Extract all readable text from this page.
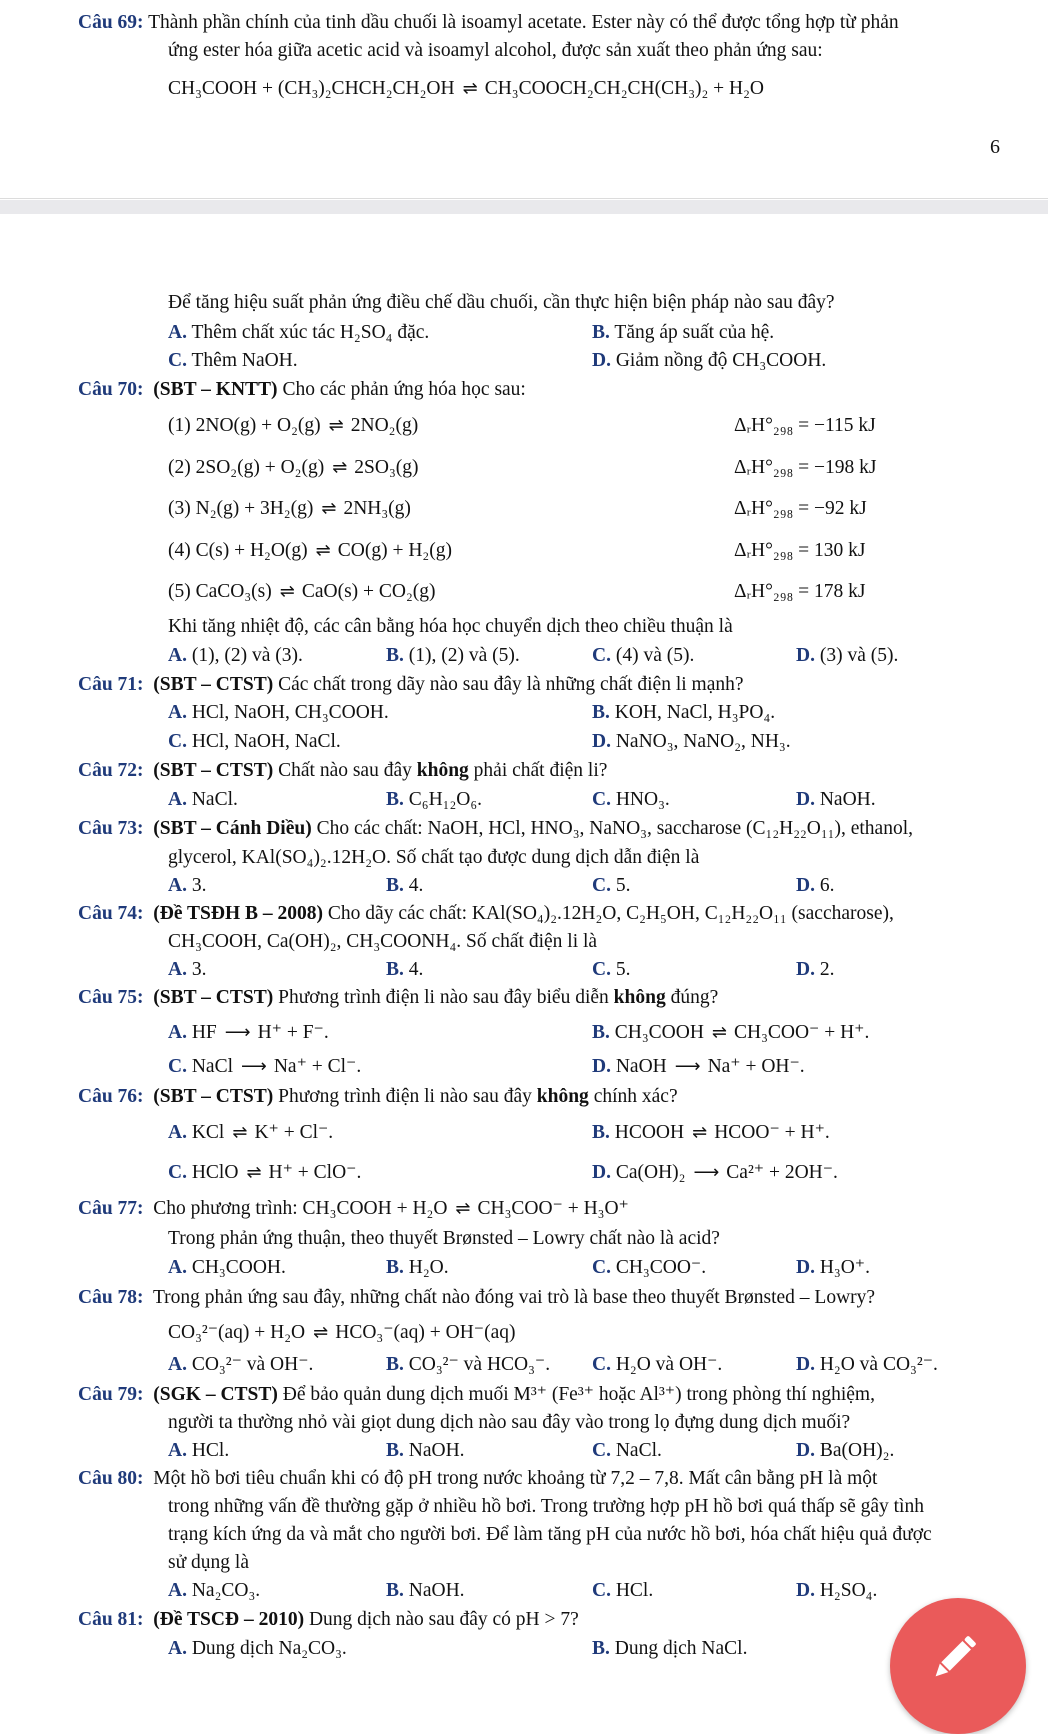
Câu 69: Thành phần chính của tinh dầu chuối là isoamyl acetate. Ester này có thể được tổng hợp từ phản
ứng ester hóa giữa acetic acid và isoamyl alcohol, được sản xuất theo phản ứng sau:
CH₃COOH + (CH₃)₂CHCH₂CH₂OH ⇌ CH₃COOCH₂CH₂CH(CH₃)₂ + H₂O
6
Để tăng hiệu suất phản ứng điều chế dầu chuối, cần thực hiện biện pháp nào sau đây?
A. Thêm chất xúc tác H₂SO₄ đặc.	B. Tăng áp suất của hệ.
C. Thêm NaOH.	D. Giảm nồng độ CH₃COOH.
Câu 70: (SBT – KNTT) Cho các phản ứng hóa học sau:
(1) 2NO(g) + O₂(g) ⇌ 2NO₂(g)	ΔᵣH°₂₉₈ = −115 kJ
(2) 2SO₂(g) + O₂(g) ⇌ 2SO₃(g)	ΔᵣH°₂₉₈ = −198 kJ
(3) N₂(g) + 3H₂(g) ⇌ 2NH₃(g)	ΔᵣH°₂₉₈ = −92 kJ
(4) C(s) + H₂O(g) ⇌ CO(g) + H₂(g)	ΔᵣH°₂₉₈ = 130 kJ
(5) CaCO₃(s) ⇌ CaO(s) + CO₂(g)	ΔᵣH°₂₉₈ = 178 kJ
Khi tăng nhiệt độ, các cân bằng hóa học chuyển dịch theo chiều thuận là
A. (1), (2) và (3).	B. (1), (2) và (5).	C. (4) và (5).	D. (3) và (5).
Câu 71: (SBT – CTST) Các chất trong dãy nào sau đây là những chất điện li mạnh?
A. HCl, NaOH, CH₃COOH.	B. KOH, NaCl, H₃PO₄.
C. HCl, NaOH, NaCl.	D. NaNO₃, NaNO₂, NH₃.
Câu 72: (SBT – CTST) Chất nào sau đây không phải chất điện li?
A. NaCl.	B. C₆H₁₂O₆.	C. HNO₃.	D. NaOH.
Câu 73: (SBT – Cánh Diều) Cho các chất: NaOH, HCl, HNO₃, NaNO₃, saccharose (C₁₂H₂₂O₁₁), ethanol,
glycerol, KAl(SO₄)₂.12H₂O. Số chất tạo được dung dịch dẫn điện là
A. 3.	B. 4.	C. 5.	D. 6.
Câu 74: (Đề TSĐH B – 2008) Cho dãy các chất: KAl(SO₄)₂.12H₂O, C₂H₅OH, C₁₂H₂₂O₁₁ (saccharose),
CH₃COOH, Ca(OH)₂, CH₃COONH₄. Số chất điện li là
A. 3.	B. 4.	C. 5.	D. 2.
Câu 75: (SBT – CTST) Phương trình điện li nào sau đây biểu diễn không đúng?
A. HF ⟶ H⁺ + F⁻.	B. CH₃COOH ⇌ CH₃COO⁻ + H⁺.
C. NaCl ⟶ Na⁺ + Cl⁻.	D. NaOH ⟶ Na⁺ + OH⁻.
Câu 76: (SBT – CTST) Phương trình điện li nào sau đây không chính xác?
A. KCl ⇌ K⁺ + Cl⁻.	B. HCOOH ⇌ HCOO⁻ + H⁺.
C. HClO ⇌ H⁺ + ClO⁻.	D. Ca(OH)₂ ⟶ Ca²⁺ + 2OH⁻.
Câu 77: Cho phương trình: CH₃COOH + H₂O ⇌ CH₃COO⁻ + H₃O⁺
Trong phản ứng thuận, theo thuyết Brønsted – Lowry chất nào là acid?
A. CH₃COOH.	B. H₂O.	C. CH₃COO⁻.	D. H₃O⁺.
Câu 78: Trong phản ứng sau đây, những chất nào đóng vai trò là base theo thuyết Brønsted – Lowry?
CO₃²⁻(aq) + H₂O ⇌ HCO₃⁻(aq) + OH⁻(aq)
A. CO₃²⁻ và OH⁻.	B. CO₃²⁻ và HCO₃⁻. C. H₂O và OH⁻.	D. H₂O và CO₃²⁻.
Câu 79: (SGK – CTST) Để bảo quản dung dịch muối M³⁺ (Fe³⁺ hoặc Al³⁺) trong phòng thí nghiệm,
người ta thường nhỏ vài giọt dung dịch nào sau đây vào trong lọ đựng dung dịch muối?
A. HCl.	B. NaOH.	C. NaCl.	D. Ba(OH)₂.
Câu 80: Một hồ bơi tiêu chuẩn khi có độ pH trong nước khoảng từ 7,2 – 7,8. Mất cân bằng pH là một
trong những vấn đề thường gặp ở nhiều hồ bơi. Trong trường hợp pH hồ bơi quá thấp sẽ gây tình
trạng kích ứng da và mắt cho người bơi. Để làm tăng pH của nước hồ bơi, hóa chất hiệu quả được
sử dụng là
A. Na₂CO₃.	B. NaOH.	C. HCl.	D. H₂SO₄.
Câu 81: (Đề TSCĐ – 2010) Dung dịch nào sau đây có pH > 7?
A. Dung dịch Na₂CO₃.	B. Dung dịch NaCl.
